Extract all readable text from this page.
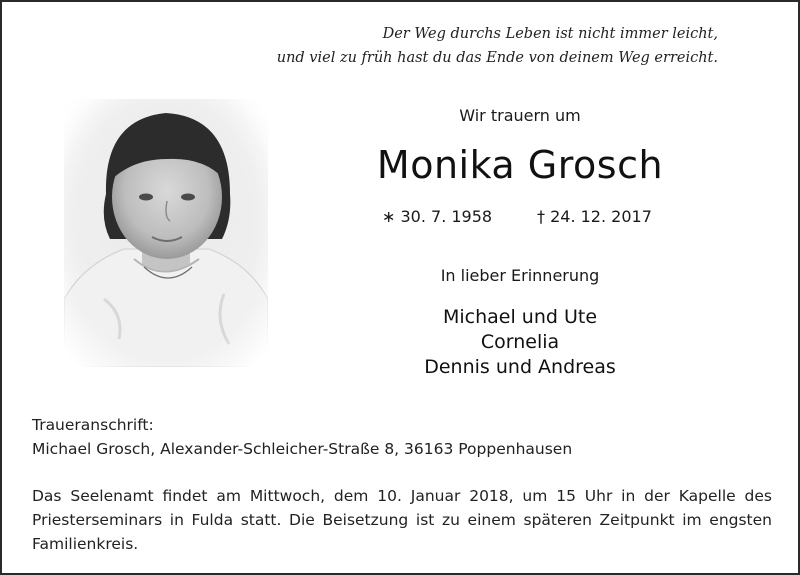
Der Weg durchs Leben ist nicht immer leicht,
und viel zu früh hast du das Ende von deinem Weg erreicht.
Wir trauern um
Monika Grosch
∗ 30. 7. 1958	† 24. 12. 2017
In lieber Erinnerung
Michael und Ute
Cornelia
Dennis und Andreas
Traueranschrift:
Michael Grosch, Alexander-Schleicher-Straße 8, 36163 Poppenhausen
Das Seelenamt findet am Mittwoch, dem 10. Januar 2018, um 15 Uhr in der Kapelle des Priesterseminars in Fulda statt. Die Beisetzung ist zu einem späteren Zeitpunkt im engsten Familienkreis.
